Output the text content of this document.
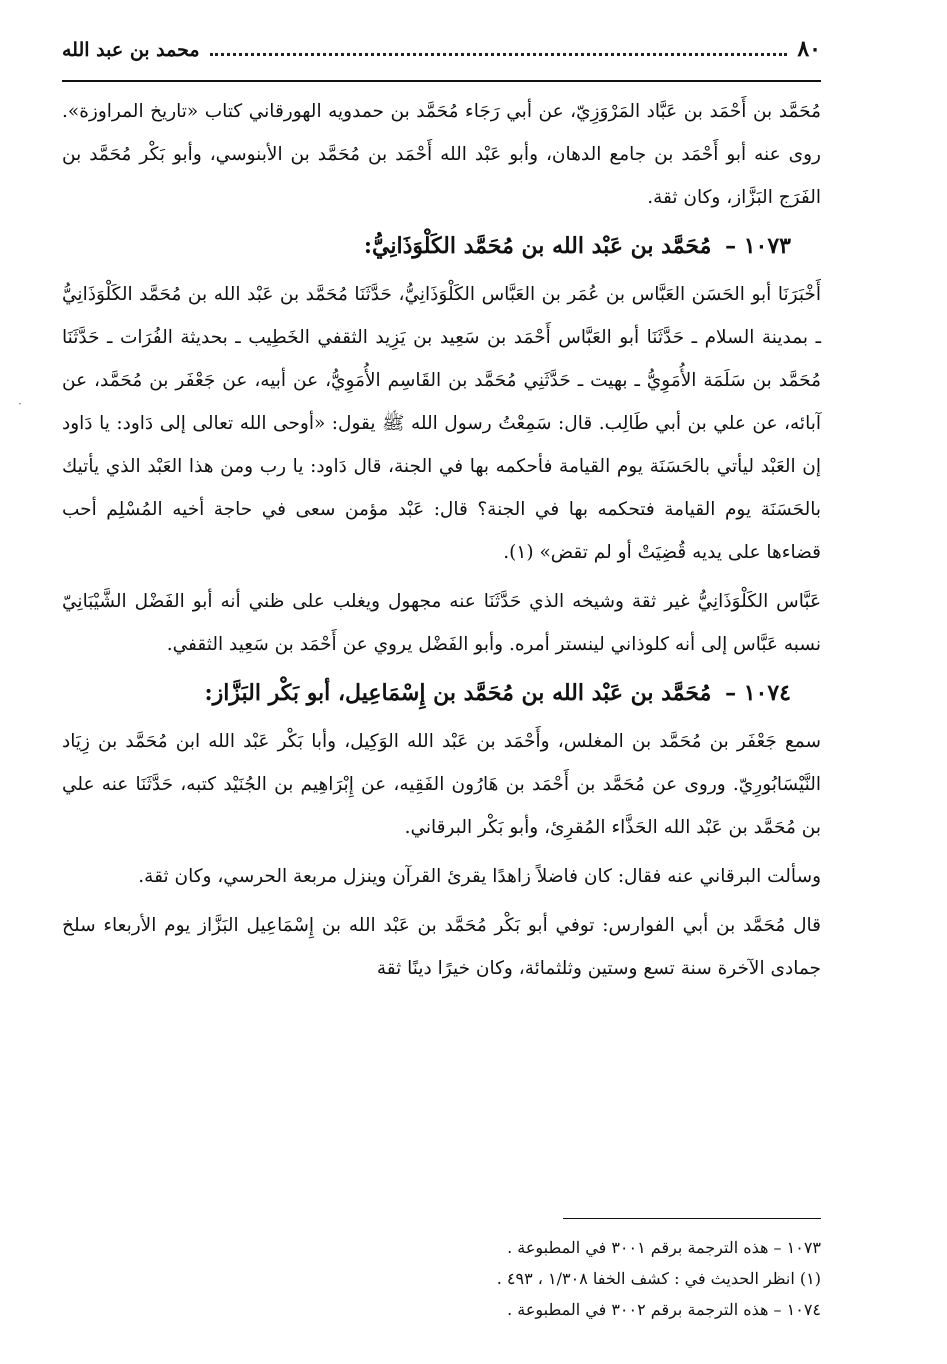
٨٠
محمد بن عبد الله

مُحَمَّد بن أَحْمَد بن عَبَّاد المَرْوَزِيّ، عن أبي رَجَاء مُحَمَّد بن حمدويه الهورقاني كتاب «تاريخ المراوزة». روى عنه أبو أَحْمَد بن جامع الدهان، وأبو عَبْد الله أَحْمَد بن مُحَمَّد بن الأبنوسي، وأبو بَكْر مُحَمَّد بن الفَرَج البَزَّاز، وكان ثقة.

١٠٧٣ – مُحَمَّد بن عَبْد الله بن مُحَمَّد الكَلْوَذَانِيُّ:

أَخْبَرَنَا أبو الحَسَن العَبَّاس بن عُمَر بن العَبَّاس الكَلْوَذَانِيُّ، حَدَّثَنَا مُحَمَّد بن عَبْد الله بن مُحَمَّد الكَلْوَذَانِيُّ ـ بمدينة السلام ـ حَدَّثَنَا أبو العَبَّاس أَحْمَد بن سَعِيد بن يَزِيد الثقفي الخَطِيب ـ بحديثة الفُرَات ـ حَدَّثَنَا مُحَمَّد بن سَلَمَة الأُمَوِيُّ ـ بهيت ـ حَدَّثَنِي مُحَمَّد بن القَاسِم الأُمَوِيُّ، عن أبيه، عن جَعْفَر بن مُحَمَّد، عن آبائه، عن علي بن أبي طَالِب. قال: سَمِعْتُ رسول الله ﷺ يقول: «أوحى الله تعالى إلى دَاود: يا دَاود إن العَبْد ليأتي بالحَسَنَة يوم القيامة فأحكمه بها في الجنة، قال دَاود: يا رب ومن هذا العَبْد الذي يأتيك بالحَسَنَة يوم القيامة فتحكمه بها في الجنة؟ قال: عَبْد مؤمن سعى في حاجة أخيه المُسْلِم أحب قضاءها على يديه قُضِيَتْ أو لم تقض» (١).

عَبَّاس الكَلْوَذَانِيُّ غير ثقة وشيخه الذي حَدَّثَنَا عنه مجهول ويغلب على ظني أنه أبو الفَضْل الشَّيْبَانِيّ نسبه عَبَّاس إلى أنه كلوذاني لينستر أمره. وأبو الفَضْل يروي عن أَحْمَد بن سَعِيد الثقفي.

١٠٧٤ – مُحَمَّد بن عَبْد الله بن مُحَمَّد بن إِسْمَاعِيل، أبو بَكْر البَزَّاز:

سمع جَعْفَر بن مُحَمَّد بن المغلس، وأَحْمَد بن عَبْد الله الوَكِيل، وأبا بَكْر عَبْد الله ابن مُحَمَّد بن زِيَاد النَّيْسَابُورِيّ. وروى عن مُحَمَّد بن أَحْمَد بن هَارُون الفَقِيه، عن إِبْرَاهِيم بن الجُنَيْد كتبه، حَدَّثَنَا عنه علي بن مُحَمَّد بن عَبْد الله الحَذَّاء المُقرِئ، وأبو بَكْر البرقاني.

وسألت البرقاني عنه فقال: كان فاضلاً زاهدًا يقرئ القرآن وينزل مربعة الحرسي، وكان ثقة.

قال مُحَمَّد بن أبي الفوارس: توفي أبو بَكْر مُحَمَّد بن عَبْد الله بن إِسْمَاعِيل البَزَّاز يوم الأربعاء سلخ جمادى الآخرة سنة تسع وستين وثلثمائة، وكان خيرًا دينًا ثقة

١٠٧٣ – هذه الترجمة برقم ٣٠٠١ في المطبوعة .
(١) انظر الحديث في : كشف الخفا ١/٣٠٨ ، ٤٩٣ .
١٠٧٤ – هذه الترجمة برقم ٣٠٠٢ في المطبوعة .
·
